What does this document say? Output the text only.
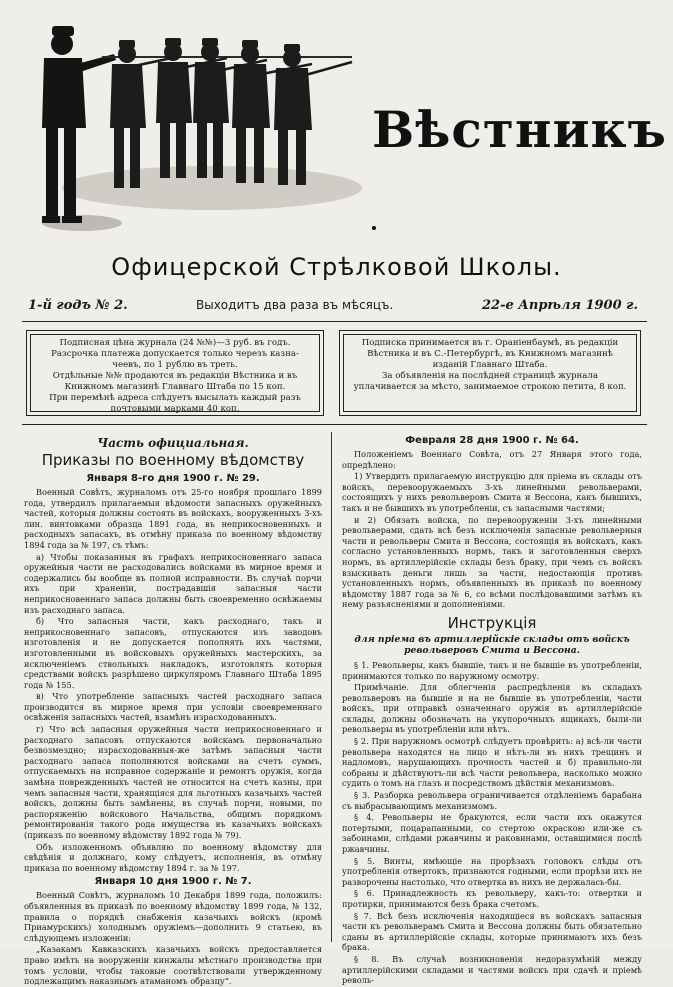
Вѣстникъ
Офицерской Стрѣлковой Школы.
1-й годъ № 2.	Выходитъ два раза въ мѣсяцъ.	22-е Апрѣля 1900 г.

Подписная цѣна журнала (24 №№)—3 руб. въ годъ.

Разсрочка платежа допускается только черезъ казна-чеевъ, по 1 рублю въ треть.

Отдѣльные №№ продаются въ редакціи Вѣстника и въ Книжномъ магазинѣ Главнаго Штаба по 15 коп.

При перемѣнѣ адреса слѣдуетъ высылать каждый разъ почтовыми марками 40 коп.

Подписка принимается въ г. Ораніенбаумѣ, въ редакціи Вѣстника и въ С.-Петербургѣ, въ Книжномъ магазинѣ изданій Главнаго Штаба.

За объявленія на послѣдней страницѣ журнала уплачивается за мѣсто, занимаемое строкою петита, 8 коп.

Часть официальная.
Приказы по военному вѣдомству
Января 8-го дня 1900 г. № 29.

Военный Совѣтъ, журналомъ отъ 25-го ноября прошлаго 1899 года, утвердилъ прилагаемыя вѣдомости запасныхъ оружейныхъ частей, которыя должны состоять въ войскахъ, вооруженныхъ 3-хъ лин. винтовками образца 1891 года, въ неприкосновенныхъ и расходныхъ запасахъ, въ отмѣну приказа по военному вѣдомству 1894 года за № 197, съ тѣмъ:

а) Чтобы показанныя въ графахъ неприкосновеннаго запаса оружейныя части не расходовались войсками въ мирное время и содержались бы вообще въ полной исправности. Въ случаѣ порчи ихъ при храненіи, пострадавшія запасныя части неприкосновеннаго запаса должны быть своевременно освѣжаемы изъ расходнаго запаса.

б) Что запасныя части, какъ расходнаго, такъ и неприкосновеннаго запасовъ, отпускаются изъ заводовъ изготовленія и не допускается пополнять ихъ частями, изготовленными въ войсковыхъ оружейныхъ мастерскихъ, за исключеніемъ ствольныхъ накладокъ, изготовлять которыя средствами войскъ разрѣшено циркуляромъ Главнаго Штаба 1895 года № 155.

в) Что употребленіе запасныхъ частей расходнаго запаса производится въ мирное время при условіи своевременнаго освѣженія запасныхъ частей, взамѣнъ израсходованныхъ.

г) Что всѣ запасныя оружейныя части неприкосновеннаго и расходнаго запасовъ отпускаются войскамъ первоначально безвозмездно; израсходованныя-же затѣмъ запасныя части расходнаго запаса пополняются войсками на счетъ суммъ, отпускаемыхъ на исправное содержаніе и ремонтъ оружія, когда замѣна поврежденныхъ частей не относится на счетъ казны, при чемъ запасныя части, хранящіяся для льготныхъ казачьихъ частей войскъ, должны быть замѣнены, въ случаѣ порчи, новыми, по распоряженію войскового Начальства, общимъ порядкомъ ремонтированія такого рода имущества въ казачьихъ войскахъ (приказъ по военному вѣдомству 1892 года № 79).

Объ изложенномъ объявляю по военному вѣдомству для свѣдѣнія и должнаго, кому слѣдуетъ, исполненія, въ отмѣну приказа по военному вѣдомству 1894 г. за № 197.

Января 10 дня 1900 г. № 7.

Военный Совѣтъ, журналомъ 10 Декабря 1899 года, положилъ: объявленныя въ приказѣ по военному вѣдомству 1899 года, № 132, правила о порядкѣ снабженія казачьихъ войскъ (кромѣ Приамурскихъ) холоднымъ оружіемъ—дополнить 9 статьею, въ слѣдующемъ изложеніи:

„Казакамъ Кавказскихъ казачьихъ войскъ предоставляется право имѣть на вооруженіи кинжалы мѣстнаго производства при томъ условіи, чтобы таковые соотвѣтствовали утвержденному подлежащимъ наказнымъ атаманомъ образцу“.

Февраля 28 дня 1900 г. № 64.

Положеніемъ Военнаго Совѣта, отъ 27 Января этого года, опредѣлено:

1) Утвердить прилагаемую инструкцію для пріема въ склады отъ войскъ, перевооружаемыхъ 3-хъ линейными револьверами, состоящихъ у нихъ револьверовъ Смита и Вессона, какъ бывшихъ, такъ и не бывшихъ въ употребленіи, съ запасными частями;

и 2) Обязать войска, по перевооруженіи 3-хъ линейными револьверами, сдать всѣ безъ исключенія запасные револьверныя части и револьверы Смита и Вессона, состоящія въ войскахъ, какъ согласно установленныхъ нормъ, такъ и заготовленныя сверхъ нормъ, въ артиллерійскіе склады безъ браку, при чемъ съ войскъ взыскивать деньги лишь за части, недостающія противъ установленныхъ нормъ, объявленныхъ въ приказѣ по военному вѣдомству 1887 года за № 6, со всѣми послѣдовавшими затѣмъ къ нему разъясненіями и дополненіями.

Инструкція
для пріема въ артиллерійскіе склады отъ войскъ револьверовъ Смита и Вессона.

§ 1. Револьверы, какъ бывшіе, такъ и не бывшіе въ употребленіи, принимаются только по наружному осмотру.

Примѣчаніе. Для облегченія распредѣленія въ складахъ револьверовъ на бывшіе и на не бывшіе въ употребленіи, части войскъ, при отправкѣ означеннаго оружія въ артиллерійскіе склады, должны обозначать на укупорочныхъ ящикахъ, были-ли револьверы въ употребленіи или нѣтъ.

§ 2. При наружномъ осмотрѣ слѣдуетъ провѣрить: а) всѣ-ли части револьвера находятся на лицо и нѣтъ-ли въ нихъ трещинъ и надломовъ, нарушающихъ прочность частей и б) правильно-ли собраны и дѣйствуютъ-ли всѣ части револьвера, насколько можно судить о томъ на глазъ и посредствомъ дѣйствія механизмовъ.

§ 3. Разборка револьвера ограничивается отдѣленіемъ барабана съ выбрасывающимъ механизмомъ.

§ 4. Револьверы не бракуются, если части ихъ окажутся потертыми, поцарапанными, со стертою окраскою или-же съ забоинами, слѣдами ржавчины и раковинами, оставшимися послѣ ржавчины.

§ 5. Винты, имѣющіе на прорѣзахъ головокъ слѣды отъ употребленія отвертокъ, признаются годными, если прорѣзи ихъ не разворочены настолько, что отвертка въ нихъ не держалась-бы.

§ 6. Принадлежность къ револьверу, какъ-то: отвертки и протирки, принимаются безъ брака счетомъ.

§ 7. Всѣ безъ исключенія находящіеся въ войскахъ запасныя части къ револьверамъ Смита и Вессона должны быть обязательно сданы въ артиллерійскіе склады, которые принимаютъ ихъ безъ брака.

§ 8. Въ случаѣ возникновенія недоразумѣній между артиллерійскими складами и частями войскъ при сдачѣ и пріемѣ револь-
